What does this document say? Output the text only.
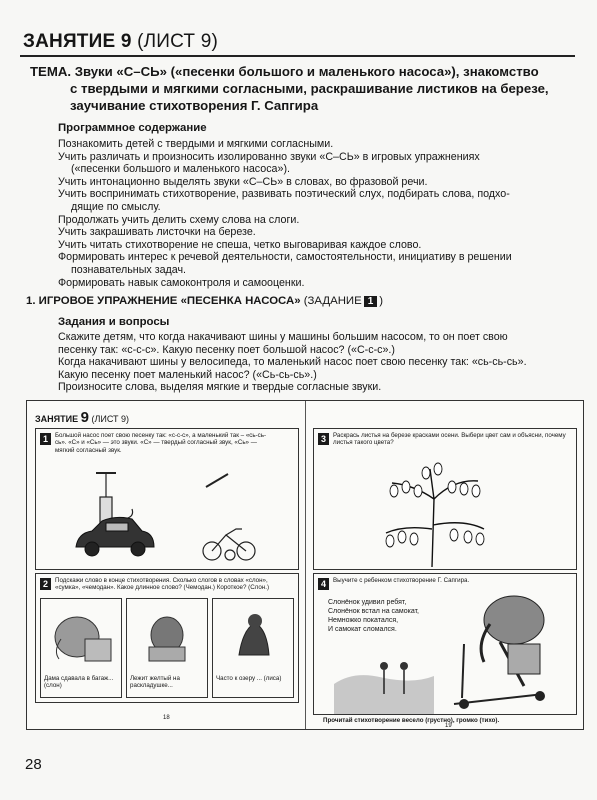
ЗАНЯТИЕ 9 (ЛИСТ 9)
ТЕМА. Звуки «С–СЬ» («песенки большого и маленького насоса»), знакомство
с твердыми и мягкими согласными, раскрашивание листиков на березе,
заучивание стихотворения Г. Сапгира
Программное содержание

Познакомить детей с твердыми и мягкими согласными.

Учить различать и произносить изолированно звуки «С–СЬ» в игровых упражнениях

(«песенки большого и маленького насоса»).

Учить интонационно выделять звуки «С–СЬ» в словах, во фразовой речи.

Учить воспринимать стихотворение, развивать поэтический слух, подбирать слова, подхо-

дящие по смыслу.

Продолжать учить делить схему слова на слоги.

Учить закрашивать листочки на березе.

Учить читать стихотворение не спеша, четко выговаривая каждое слово.

Формировать интерес к речевой деятельности, самостоятельности, инициативу в решении

познавательных задач.

Формировать навык самоконтроля и самооценки.

1. ИГРОВОЕ УПРАЖНЕНИЕ «ПЕСЕНКА НАСОСА» (ЗАДАНИЕ 1 )
Задания и вопросы

Скажите детям, что когда накачивают шины у машины большим насосом, то он поет свою

песенку так: «с-с-с». Какую песенку поет большой насос? («С-с-с».)

Когда накачивают шины у велосипеда, то маленький насос поет свою песенку так: «сь-сь-сь».

Какую песенку поет маленький насос? («Сь-сь-сь».)

Произносите слова, выделяя мягкие и твердые согласные звуки.

ЗАНЯТИЕ 9 (ЛИСТ 9)
1	Большой насос поет свою песенку так: «с-с-с», а маленький так – «сь-сь-сь». «С» и «Сь» — это звуки. «С» — твердый согласный звук, «Сь» — мягкий согласный звук.
2	Подскажи слово в конце стихотворения. Сколько слогов в словах «слон», «сумка», «чемодан». Какое длинное слово? (Чемодан.) Короткое? (Слон.)
Дама сдавала в багаж... (слон)
Лежит желтый на раскладушке...
Часто к озеру ... (лиса)
18
3	Раскрась листья на березе красками осени. Выбери цвет сам и объясни, почему листья такого цвета?
4	Выучите с ребенком стихотворение Г. Сапгира.
Слонёнок удивил ребят,
Слонёнок встал на самокат,
Немножко покатался,
И самокат сломался.
Прочитай стихотворение весело (грустно), громко (тихо).
19
28
